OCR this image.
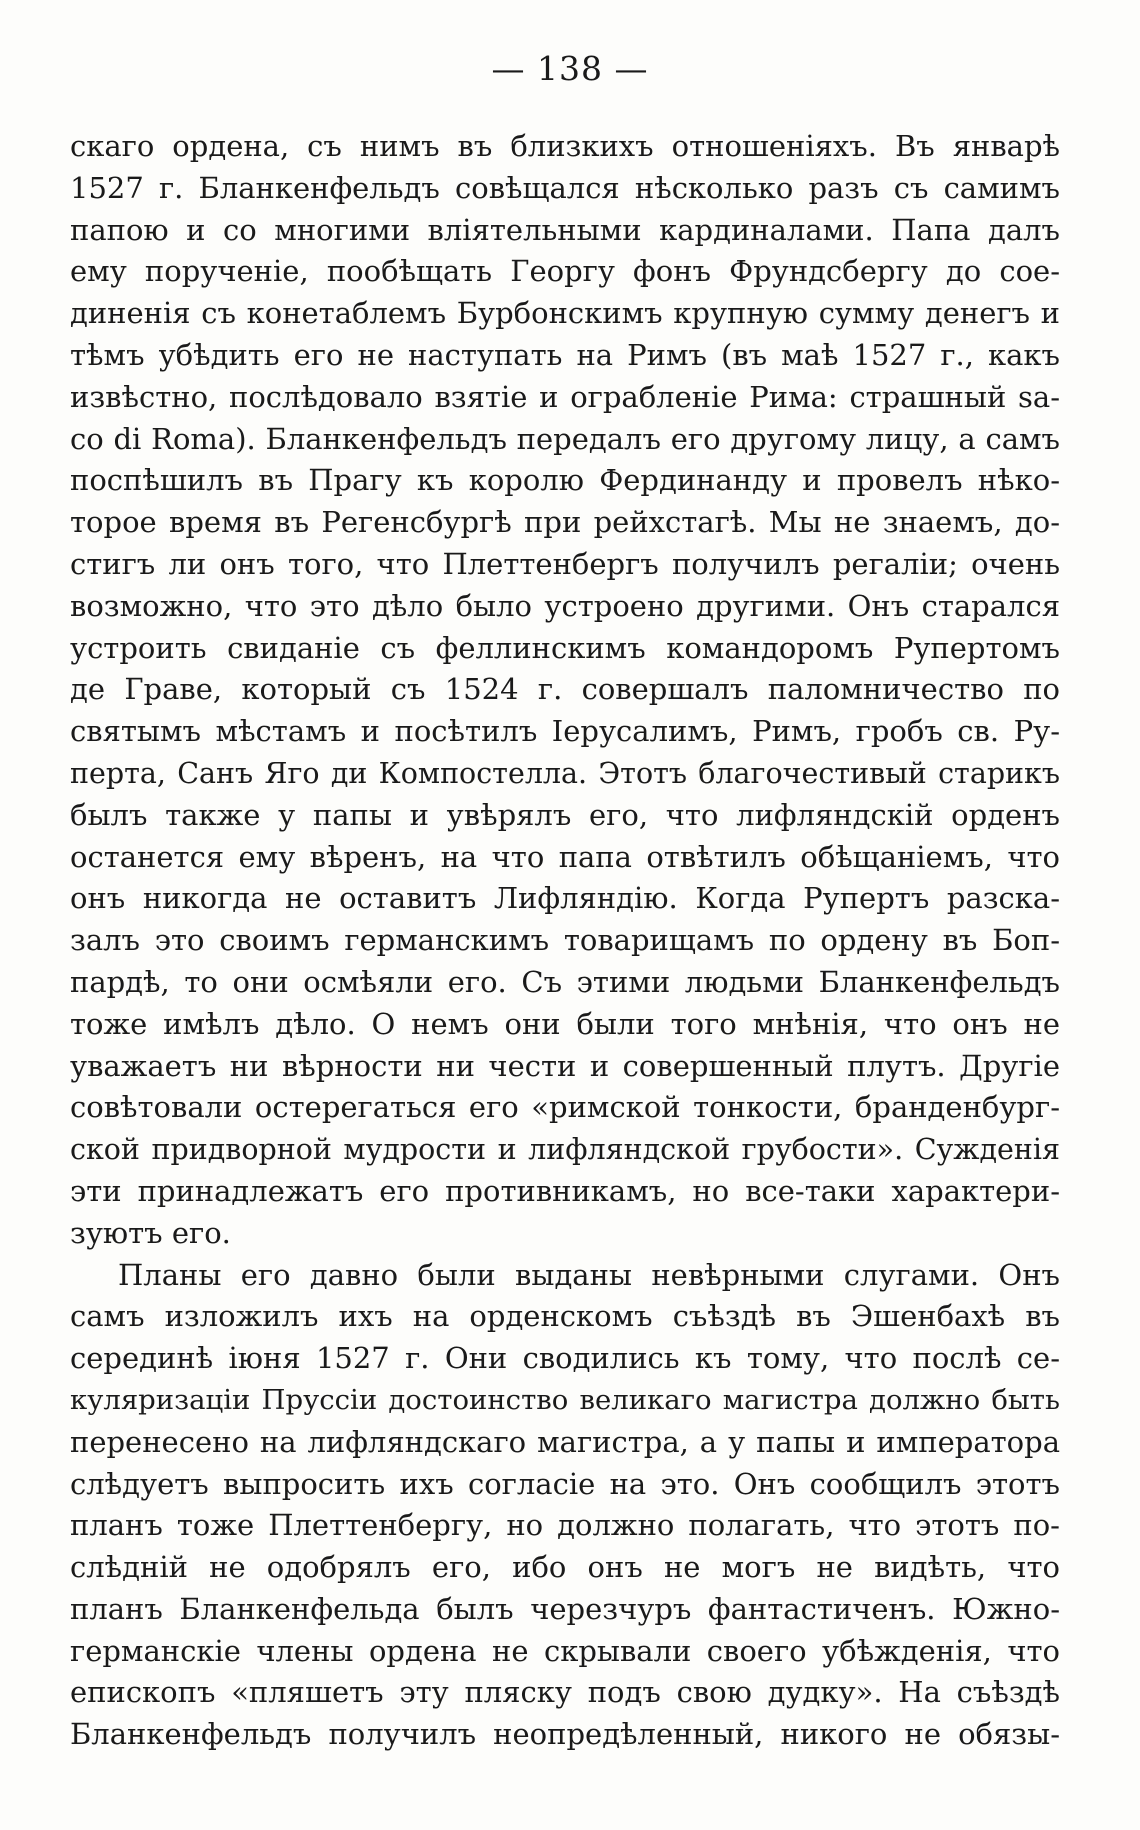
— 138 —
скаго ордена, съ нимъ въ близкихъ отношеніяхъ. Въ январѣ
1527 г. Бланкенфельдъ совѣщался нѣсколько разъ съ самимъ
папою и со многими вліятельными кардиналами. Папа далъ
ему порученіе, пообѣщать Георгу фонъ Фрундсбергу до сое-
диненія съ конетаблемъ Бурбонскимъ крупную сумму денегъ и
тѣмъ убѣдить его не наступать на Римъ (въ маѣ 1527 г., какъ
извѣстно, послѣдовало взятіе и ограбленіе Рима: страшный sa-
co di Roma). Бланкенфельдъ передалъ его другому лицу, а самъ
поспѣшилъ въ Прагу къ королю Фердинанду и провелъ нѣко-
торое время въ Регенсбургѣ при рейхстагѣ. Мы не знаемъ, до-
стигъ ли онъ того, что Плеттенбергъ получилъ регаліи; очень
возможно, что это дѣло было устроено другими. Онъ старался
устроить свиданіе съ феллинскимъ командоромъ Рупертомъ
де Граве, который съ 1524 г. совершалъ паломничество по
святымъ мѣстамъ и посѣтилъ Іерусалимъ, Римъ, гробъ св. Ру-
перта, Санъ Яго ди Компостелла. Этотъ благочестивый старикъ
былъ также у папы и увѣрялъ его, что лифляндскій орденъ
останется ему вѣренъ, на что папа отвѣтилъ обѣщаніемъ, что
онъ никогда не оставитъ Лифляндію. Когда Рупертъ разска-
залъ это своимъ германскимъ товарищамъ по ордену въ Боп-
пардѣ, то они осмѣяли его. Съ этими людьми Бланкенфельдъ
тоже имѣлъ дѣло. О немъ они были того мнѣнія, что онъ не
уважаетъ ни вѣрности ни чести и совершенный плутъ. Другіе
совѣтовали остерегаться его «римской тонкости, бранденбург-
ской придворной мудрости и лифляндской грубости». Сужденія
эти принадлежатъ его противникамъ, но все-таки характери-
зуютъ его.
Планы его давно были выданы невѣрными слугами. Онъ
самъ изложилъ ихъ на орденскомъ съѣздѣ въ Эшенбахѣ въ
серединѣ іюня 1527 г. Они сводились къ тому, что послѣ се-
куляризаціи Пруссіи достоинство великаго магистра должно быть
перенесено на лифляндскаго магистра, а у папы и императора
слѣдуетъ выпросить ихъ согласіе на это. Онъ сообщилъ этотъ
планъ тоже Плеттенбергу, но должно полагать, что этотъ по-
слѣдній не одобрялъ его, ибо онъ не могъ не видѣть, что
планъ Бланкенфельда былъ черезчуръ фантастиченъ. Южно-
германскіе члены ордена не скрывали своего убѣжденія, что
епископъ «пляшетъ эту пляску подъ свою дудку». На съѣздѣ
Бланкенфельдъ получилъ неопредѣленный, никого не обязы-
